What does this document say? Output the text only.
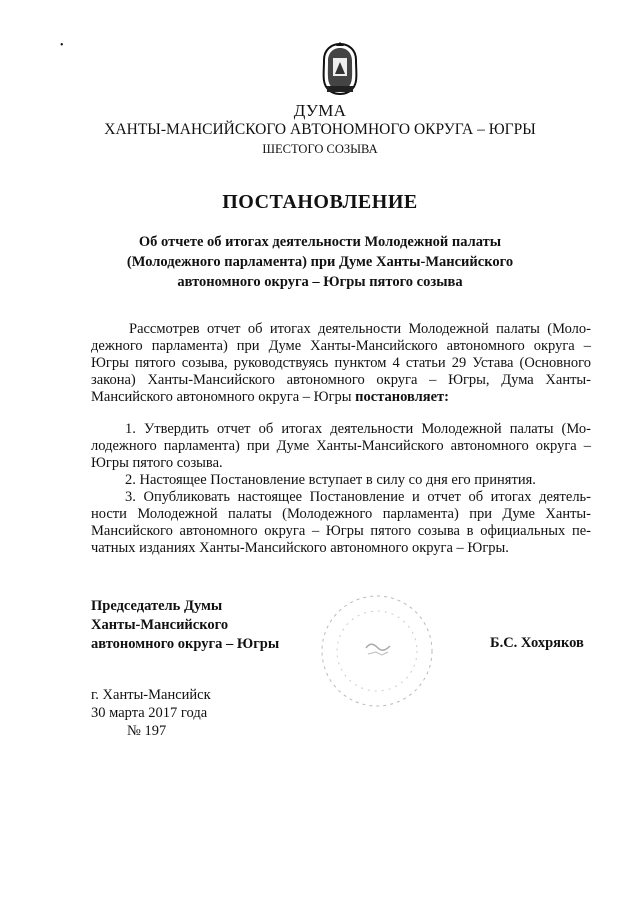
•
ДУМА
ХАНТЫ-МАНСИЙСКОГО АВТОНОМНОГО ОКРУГА – ЮГРЫ
ШЕСТОГО СОЗЫВА
ПОСТАНОВЛЕНИЕ
Об отчете об итогах деятельности Молодежной палаты
(Молодежного парламента) при Думе Ханты-Мансийского
автономного округа – Югры пятого созыва
Рассмотрев отчет об итогах деятельности Молодежной палаты (Моло-
дежного парламента) при Думе Ханты-Мансийского автономного округа –
Югры пятого созыва, руководствуясь пунктом 4 статьи 29 Устава (Основного
закона) Ханты-Мансийского автономного округа – Югры, Дума Ханты-
Мансийского автономного округа – Югры постановляет:
1. Утвердить отчет об итогах деятельности Молодежной палаты (Мо-
лодежного парламента) при Думе Ханты-Мансийского автономного округа –
Югры пятого созыва.
2. Настоящее Постановление вступает в силу со дня его принятия.
3. Опубликовать настоящее Постановление и отчет об итогах деятель-
ности Молодежной палаты (Молодежного парламента) при Думе Ханты-
Мансийского автономного округа – Югры пятого созыва в официальных пе-
чатных изданиях Ханты-Мансийского автономного округа – Югры.
Председатель Думы
Ханты-Мансийского
автономного округа – Югры	Б.С. Хохряков
г. Ханты-Мансийск
30 марта 2017 года
№ 197
